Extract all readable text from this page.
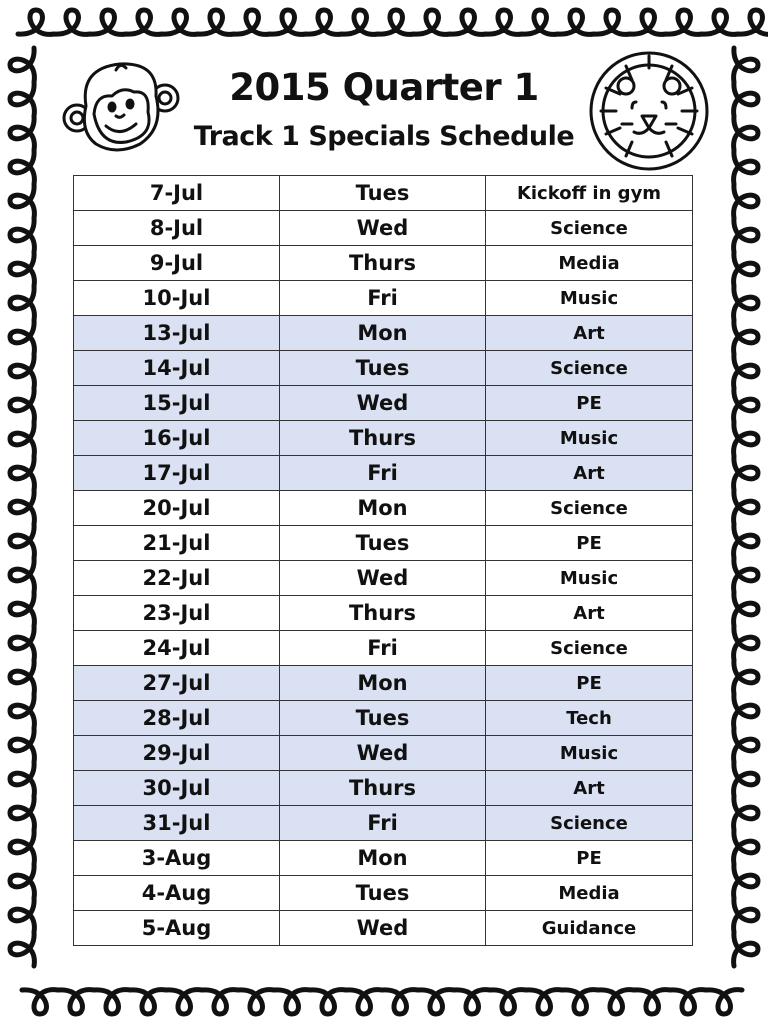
2015 Quarter 1
Track 1 Specials Schedule
7-Jul	Tues	Kickoff in gym
8-Jul	Wed	Science
9-Jul	Thurs	Media
10-Jul	Fri	Music
13-Jul	Mon	Art
14-Jul	Tues	Science
15-Jul	Wed	PE
16-Jul	Thurs	Music
17-Jul	Fri	Art
20-Jul	Mon	Science
21-Jul	Tues	PE
22-Jul	Wed	Music
23-Jul	Thurs	Art
24-Jul	Fri	Science
27-Jul	Mon	PE
28-Jul	Tues	Tech
29-Jul	Wed	Music
30-Jul	Thurs	Art
31-Jul	Fri	Science
3-Aug	Mon	PE
4-Aug	Tues	Media
5-Aug	Wed	Guidance
